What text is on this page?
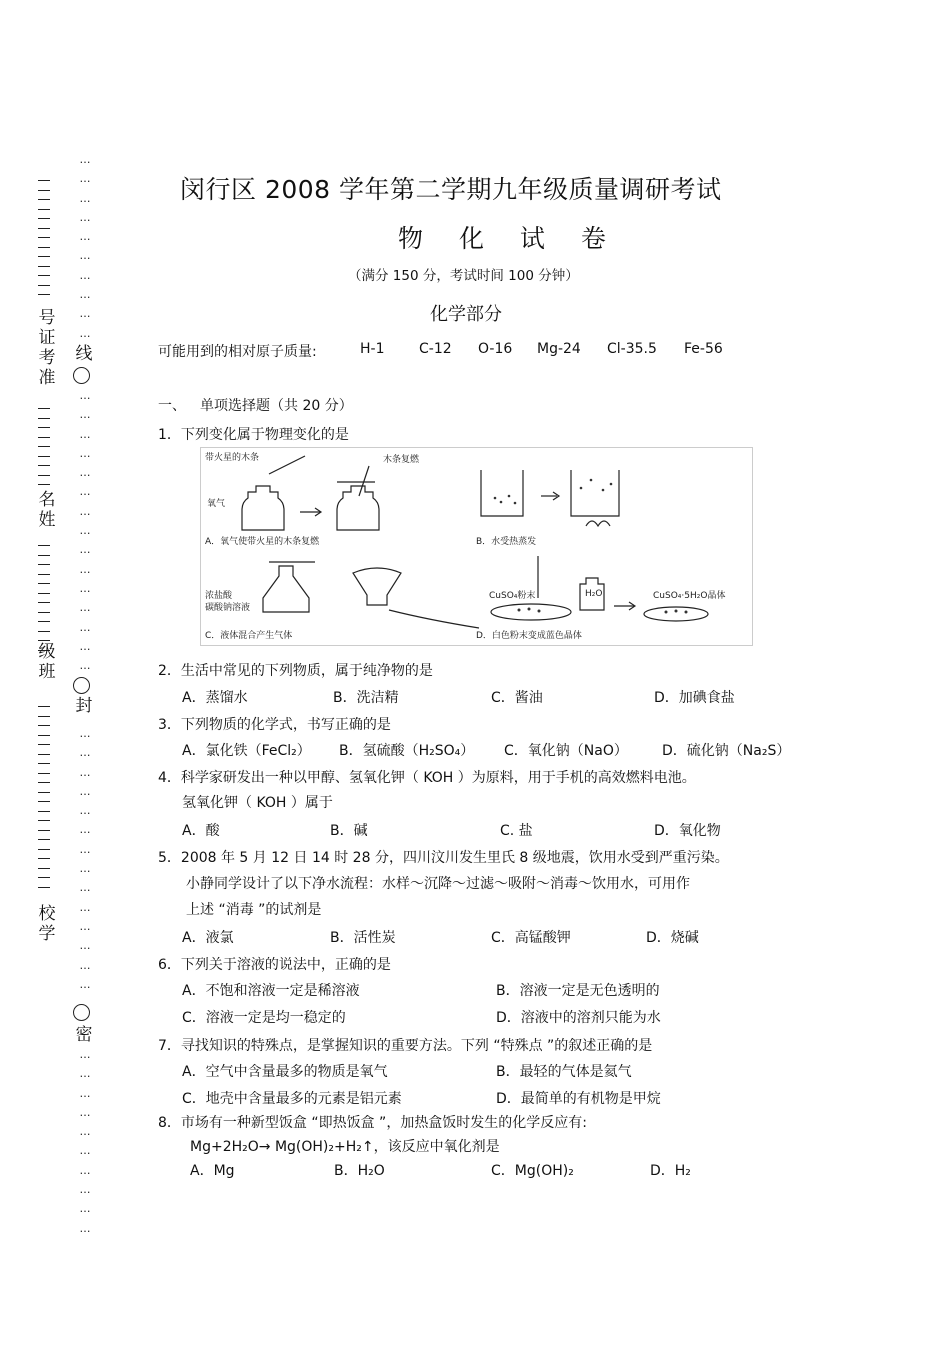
…
…
…
…
…
…
…
…
…
…
线
…
…
…
…
…
…
…
…
…
…
…
…
…
…
…
封
…
…
…
…
…
…
…
…
…
…
…
…
…
…
密
…
…
…
…
…
…
…
…
…
…
号证考准
名姓
级班
校学
闵行区 2008 学年第二学期九年级质量调研考试
物 化 试 卷
（满分 150 分，考试时间 100 分钟）
化学部分
可能用到的相对原子质量:	H-1 C-12 O-16 Mg-24 Cl-35.5 Fe-56
一、 单项选择题（共 20 分）
1．下列变化属于物理变化的是
带火星的木条
氧气
木条复燃
A．氧气使带火星的木条复燃	B．水受热蒸发
浓盐酸
碳酸钠溶液
C．液体混合产生气体
CuSO₄粉末	H₂O	CuSO₄·5H₂O晶体
D．白色粉末变成蓝色晶体
2．生活中常见的下列物质，属于纯净物的是
A．蒸馏水	B．洗洁精	C．酱油	D．加碘食盐
3．下列物质的化学式，书写正确的是
A．氯化铁（FeCl₂） B．氢硫酸（H₂SO₄） C．氧化钠（NaO） D．硫化钠（Na₂S）
4．科学家研发出一种以甲醇、氢氧化钾（ KOH ）为原料，用于手机的高效燃料电池。
氢氧化钾（ KOH ）属于
A．酸	B．碱	C. 盐	D．氧化物
5．2008 年 5 月 12 日 14 时 28 分，四川汶川发生里氏 8 级地震，饮用水受到严重污染。
小静同学设计了以下净水流程：水样～沉降～过滤～吸附～消毒～饮用水，可用作
上述 “消毒 ”的试剂是
A．液氯	B．活性炭	C．高锰酸钾	D．烧碱
6．下列关于溶液的说法中，正确的是
A．不饱和溶液一定是稀溶液	B．溶液一定是无色透明的
C．溶液一定是均一稳定的	D．溶液中的溶剂只能为水
7．寻找知识的特殊点，是掌握知识的重要方法。下列 “特殊点 ”的叙述正确的是
A．空气中含量最多的物质是氧气	B．最轻的气体是氦气
C．地壳中含量最多的元素是铝元素	D．最简单的有机物是甲烷
8．市场有一种新型饭盒 “即热饭盒 ”，加热盒饭时发生的化学反应有:
Mg+2H₂O→ Mg(OH)₂+H₂↑，该反应中氧化剂是
A．Mg	B．H₂O	C．Mg(OH)₂	D．H₂
